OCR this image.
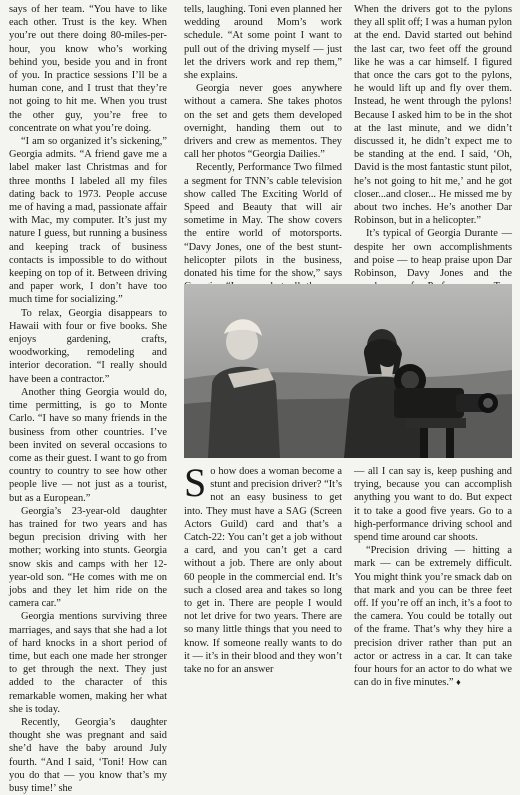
says of her team. “You have to like each other. Trust is the key. When you’re out there doing 80-miles-per-hour, you know who’s working behind you, beside you and in front of you. In practice sessions I’ll be a human cone, and I trust that they’re not going to hit me. When you trust the other guy, you’re free to concentrate on what you’re doing.

“I am so organized it’s sickening,” Georgia admits. “A friend gave me a label maker last Christmas and for three months I labeled all my files dating back to 1973. People accuse me of having a mad, passionate affair with Mac, my computer. It’s just my nature I guess, but running a business and keeping track of business contacts is impossible to do without keeping on top of it. Between driving and paper work, I don’t have too much time for socializing.”

To relax, Georgia disappears to Hawaii with four or five books. She enjoys gardening, crafts, woodworking, remodeling and interior decoration. “I really should have been a contractor.”

Another thing Georgia would do, time permitting, is go to Monte Carlo. “I have so many friends in the business from other countries. I’ve been invited on several occasions to come as their guest. I want to go from country to country to see how other people live — not just as a tourist, but as a European.”

Georgia’s 23-year-old daughter has trained for two years and has begun precision driving with her mother; working into stunts. Georgia snow skis and camps with her 12-year-old son. “He comes with me on jobs and they let him ride on the camera car.”

Georgia mentions surviving three marriages, and says that she had a lot of hard knocks in a short period of time, but each one made her stronger to get through the next. They just added to the character of this remarkable women, making her what she is today.

Recently, Georgia’s daughter thought she was pregnant and said she’d have the baby around July fourth. “And I said, ‘Toni! How can you do that — you know that’s my busy time!’ she

tells, laughing. Toni even planned her wedding around Mom’s work schedule. “At some point I want to pull out of the driving myself — just let the drivers work and rep them,” she explains.

Georgia never goes anywhere without a camera. She takes photos on the set and gets them developed overnight, handing them out to drivers and crew as mementos. They call her photos “Georgia Dailies.”

Recently, Performance Two filmed a segment for TNN’s cable television show called The Exciting World of Speed and Beauty that will air sometime in May. The show covers the entire world of motorsports. “Davy Jones, one of the best stunt-helicopter pilots in the business, donated his time for the show,” says

When the drivers got to the pylons they all split off; I was a human pylon at the end. David started out behind the last car, two feet off the ground like he was a car himself. I figured that once the cars got to the pylons, he would lift up and fly over them. Instead, he went through the pylons! Because I asked him to be in the shot at the last minute, and we didn’t discussed it, he didn’t expect me to be standing at the end. I said, ‘Oh, David is the most fantastic stunt pilot, he’s not going to hit me,’ and he got closer...and closer... He missed me by about two inches. He’s another Dar Robinson, but in a helicopter.”

It’s typical of Georgia Durante — despite her own accomplishments and poise — to heap praise upon Dar Robinson, Davy Jones and the

So how does a woman become a stunt and precision driver? “It’s not an easy business to get into. They must have a SAG (Screen Actors Guild) card and that’s a Catch-22: You can’t get a job without a card, and you can’t get a card without a job. There are only about 60 people in the commercial end. It’s such a closed area and takes so long to get in. There are people I would not let drive for two years. There are so many little things that you need to know. If someone really wants to do it — it’s in their blood and they won’t take no for an answer

— all I can say is, keep pushing and trying, because you can accomplish anything you want to do. But expect it to take a good five years. Go to a high-performance driving school and spend time around car shoots.

“Precision driving — hitting a mark — can be extremely difficult. You might think you’re smack dab on that mark and you can be three feet off. If you’re off an inch, it’s a foot to the camera. You could be totally out of the frame. That’s why they hire a precision driver rather than put an actor or actress in a car. It can take four hours for an actor to do what we can do in five minutes.” ♦
